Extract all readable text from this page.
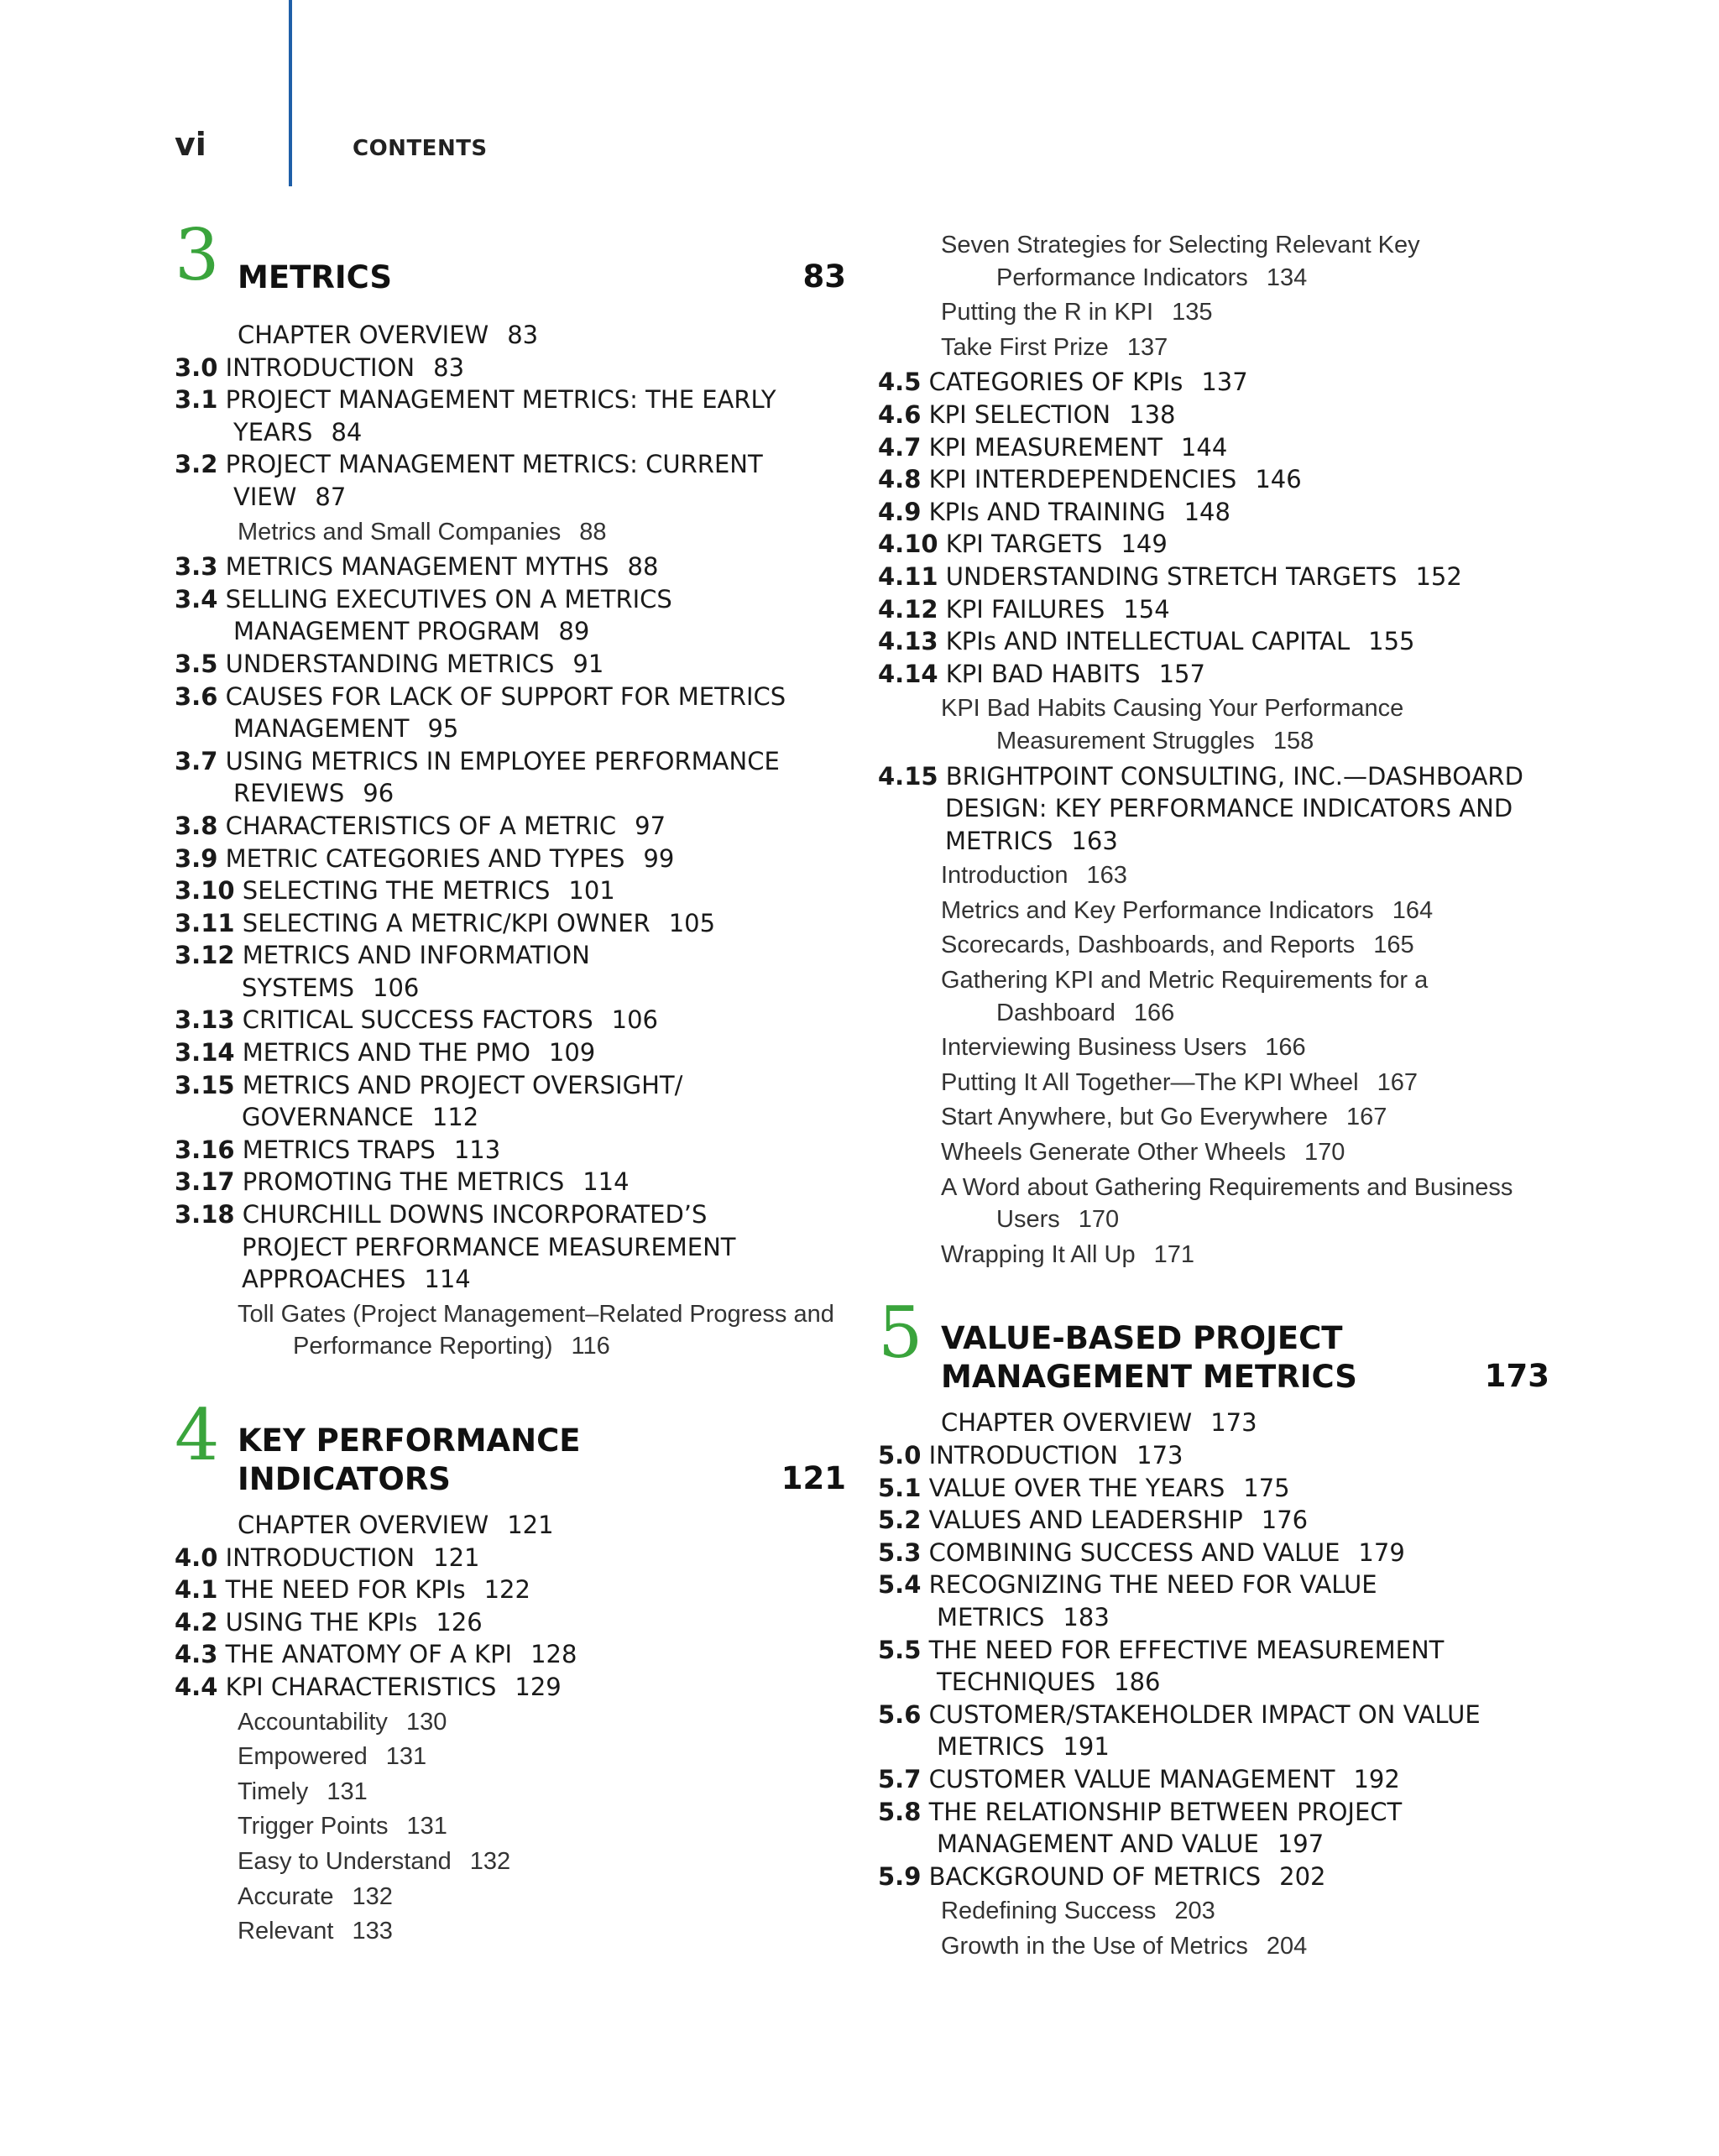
vi	CONTENTS
3 METRICS	83
CHAPTER OVERVIEW 83
3.0 INTRODUCTION 83
3.1 PROJECT MANAGEMENT METRICS: THE EARLY
YEARS 84
3.2 PROJECT MANAGEMENT METRICS: CURRENT
VIEW 87
Metrics and Small Companies 88
3.3 METRICS MANAGEMENT MYTHS 88
3.4 SELLING EXECUTIVES ON A METRICS
MANAGEMENT PROGRAM 89
3.5 UNDERSTANDING METRICS 91
3.6 CAUSES FOR LACK OF SUPPORT FOR METRICS
MANAGEMENT 95
3.7 USING METRICS IN EMPLOYEE PERFORMANCE
REVIEWS 96
3.8 CHARACTERISTICS OF A METRIC 97
3.9 METRIC CATEGORIES AND TYPES 99
3.10 SELECTING THE METRICS 101
3.11 SELECTING A METRIC/KPI OWNER 105
3.12 METRICS AND INFORMATION
SYSTEMS 106
3.13 CRITICAL SUCCESS FACTORS 106
3.14 METRICS AND THE PMO 109
3.15 METRICS AND PROJECT OVERSIGHT/
GOVERNANCE 112
3.16 METRICS TRAPS 113
3.17 PROMOTING THE METRICS 114
3.18 CHURCHILL DOWNS INCORPORATED’S
PROJECT PERFORMANCE MEASUREMENT
APPROACHES 114
Toll Gates (Project Management–Related Progress and
Performance Reporting) 116
4 KEY PERFORMANCE
INDICATORS	121
CHAPTER OVERVIEW 121
4.0 INTRODUCTION 121
4.1 THE NEED FOR KPIs 122
4.2 USING THE KPIs 126
4.3 THE ANATOMY OF A KPI 128
4.4 KPI CHARACTERISTICS 129
Accountability 130
Empowered 131
Timely 131
Trigger Points 131
Easy to Understand 132
Accurate 132
Relevant 133
Seven Strategies for Selecting Relevant Key
Performance Indicators 134
Putting the R in KPI 135
Take First Prize 137
4.5 CATEGORIES OF KPIs 137
4.6 KPI SELECTION 138
4.7 KPI MEASUREMENT 144
4.8 KPI INTERDEPENDENCIES 146
4.9 KPIs AND TRAINING 148
4.10 KPI TARGETS 149
4.11 UNDERSTANDING STRETCH TARGETS 152
4.12 KPI FAILURES 154
4.13 KPIs AND INTELLECTUAL CAPITAL 155
4.14 KPI BAD HABITS 157
KPI Bad Habits Causing Your Performance
Measurement Struggles 158
4.15 BRIGHTPOINT CONSULTING, INC.—DASHBOARD
DESIGN: KEY PERFORMANCE INDICATORS AND
METRICS 163
Introduction 163
Metrics and Key Performance Indicators 164
Scorecards, Dashboards, and Reports 165
Gathering KPI and Metric Requirements for a
Dashboard 166
Interviewing Business Users 166
Putting It All Together—The KPI Wheel 167
Start Anywhere, but Go Everywhere 167
Wheels Generate Other Wheels 170
A Word about Gathering Requirements and Business
Users 170
Wrapping It All Up 171
5 VALUE-BASED PROJECT
MANAGEMENT METRICS	173
CHAPTER OVERVIEW 173
5.0 INTRODUCTION 173
5.1 VALUE OVER THE YEARS 175
5.2 VALUES AND LEADERSHIP 176
5.3 COMBINING SUCCESS AND VALUE 179
5.4 RECOGNIZING THE NEED FOR VALUE
METRICS 183
5.5 THE NEED FOR EFFECTIVE MEASUREMENT
TECHNIQUES 186
5.6 CUSTOMER/STAKEHOLDER IMPACT ON VALUE
METRICS 191
5.7 CUSTOMER VALUE MANAGEMENT 192
5.8 THE RELATIONSHIP BETWEEN PROJECT
MANAGEMENT AND VALUE 197
5.9 BACKGROUND OF METRICS 202
Redefining Success 203
Growth in the Use of Metrics 204
